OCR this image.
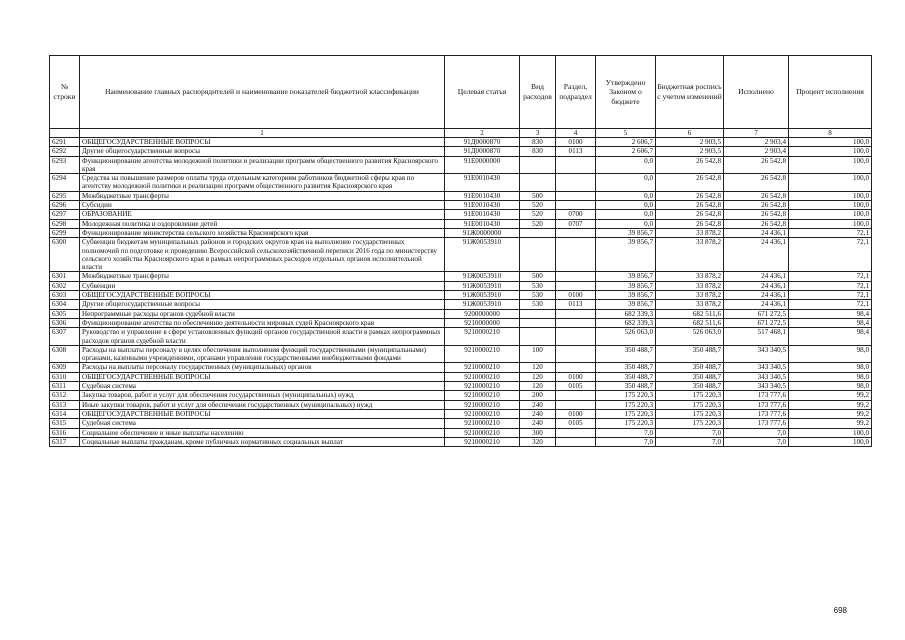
№ строки	Наименование главных распорядителей и наименование показателей бюджетной классификации	Целевая статья	Вид расходов	Раздел, подраздел	Утверждено Законом о бюджете	Бюджетная роспись с учетом изменений	Исполнено	Процент исполнения
	1	2	3	4	5	6	7	8
6291	ОБЩЕГОСУДАРСТВЕННЫЕ ВОПРОСЫ	91Д0000870	830	0100	2 606,7	2 903,5	2 903,4	100,0
6292	Другие общегосударственные вопросы	91Д0000870	830	0113	2 606,7	2 903,5	2 903,4	100,0
6293	Функционирование агентства молодежной политики и реализации программ общественного развития Красноярского края	91Е0000000			0,0	26 542,8	26 542,8	100,0
6294	Средства на повышение размеров оплаты труда отдельным категориям работников бюджетной сферы края по агентству молодежной политики и реализации программ общественного развития Красноярского края	91Е0010430			0,0	26 542,8	26 542,8	100,0
6295	Межбюджетные трансферты	91Е0010430	500		0,0	26 542,8	26 542,8	100,0
6296	Субсидии	91Е0010430	520		0,0	26 542,8	26 542,8	100,0
6297	ОБРАЗОВАНИЕ	91Е0010430	520	0700	0,0	26 542,8	26 542,8	100,0
6298	Молодежная политика и оздоровление детей	91Е0010430	520	0707	0,0	26 542,8	26 542,8	100,0
6299	Функционирование министерства сельского хозяйства Красноярского края	91Ж0000000			39 856,7	33 878,2	24 436,1	72,1
6300	Субвенции бюджетам муниципальных районов и городских округов края на выполнение государственных полномочий по подготовке и проведению Всероссийской сельскохозяйственной переписи 2016 года по министерству сельского хозяйства Красноярского края в рамках непрограммных расходов отдельных органов исполнительной власти	91Ж0053910			39 856,7	33 878,2	24 436,1	72,1
6301	Межбюджетные трансферты	91Ж0053910	500		39 856,7	33 878,2	24 436,1	72,1
6302	Субвенции	91Ж0053910	530		39 856,7	33 878,2	24 436,1	72,1
6303	ОБЩЕГОСУДАРСТВЕННЫЕ ВОПРОСЫ	91Ж0053910	530	0100	39 856,7	33 878,2	24 436,1	72,1
6304	Другие общегосударственные вопросы	91Ж0053910	530	0113	39 856,7	33 878,2	24 436,1	72,1
6305	Непрограммные расходы органов судебной власти	9200000000			682 339,3	682 511,6	671 272,5	98,4
6306	Функционирование агентства по обеспечению деятельности мировых судей Красноярского края	9210000000			682 339,3	682 511,6	671 272,5	98,4
6307	Руководство и управление в сфере установленных функций органов государственной власти в рамках непрограммных расходов органов судебной власти	9210000210			526 063,0	526 063,0	517 468,1	98,4
6308	Расходы на выплаты персоналу в целях обеспечения выполнения функций государственными (муниципальными) органами, казенными учреждениями, органами управления государственными внебюджетными фондами	9210000210	100		350 488,7	350 488,7	343 340,5	98,0
6309	Расходы на выплаты персоналу государственных (муниципальных) органов	9210000210	120		350 488,7	350 488,7	343 340,5	98,0
6310	ОБЩЕГОСУДАРСТВЕННЫЕ ВОПРОСЫ	9210000210	120	0100	350 488,7	350 488,7	343 340,5	98,0
6311	Судебная система	9210000210	120	0105	350 488,7	350 488,7	343 340,5	98,0
6312	Закупка товаров, работ и услуг для обеспечения государственных (муниципальных) нужд	9210000210	200		175 220,3	175 220,3	173 777,6	99,2
6313	Иные закупки товаров, работ и услуг для обеспечения государственных (муниципальных) нужд	9210000210	240		175 220,3	175 220,3	173 777,6	99,2
6314	ОБЩЕГОСУДАРСТВЕННЫЕ ВОПРОСЫ	9210000210	240	0100	175 220,3	175 220,3	173 777,6	99,2
6315	Судебная система	9210000210	240	0105	175 220,3	175 220,3	173 777,6	99,2
6316	Социальное обеспечение и иные выплаты населению	9210000210	300		7,0	7,0	7,0	100,0
6317	Социальные выплаты гражданам, кроме публичных нормативных социальных выплат	9210000210	320		7,0	7,0	7,0	100,0
698
